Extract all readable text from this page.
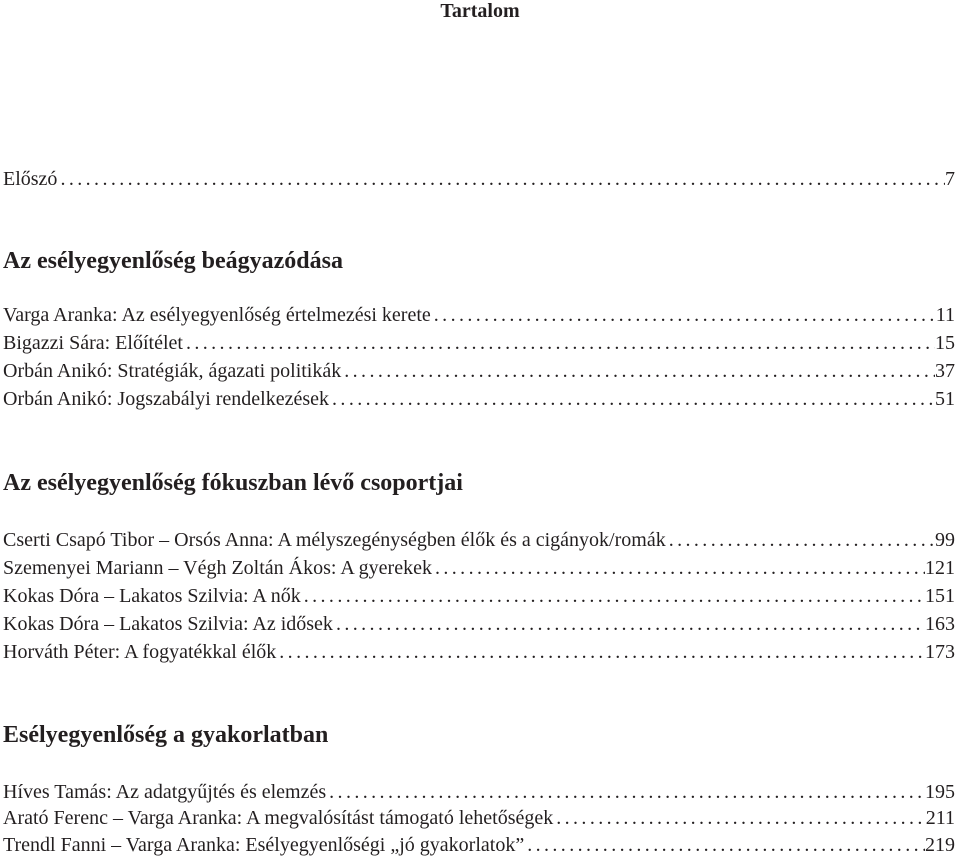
Tartalom
Előszó . . .	7
Az esélyegyenlőség beágyazódása
Varga Aranka: Az esélyegyenlőség értelmezési kerete . . .	11
Bigazzi Sára: Előítélet . . .	15
Orbán Anikó: Stratégiák, ágazati politikák . . .	37
Orbán Anikó: Jogszabályi rendelkezések . . .	51
Az esélyegyenlőség fókuszban lévő csoportjai
Cserti Csapó Tibor – Orsós Anna: A mélyszegénységben élők és a cigányok/romák . . .	99
Szemenyei Mariann – Végh Zoltán Ákos: A gyerekek . . .	121
Kokas Dóra – Lakatos Szilvia: A nők . . .	151
Kokas Dóra – Lakatos Szilvia: Az idősek . . .	163
Horváth Péter: A fogyatékkal élők . . .	173
Esélyegyenlőség a gyakorlatban
Híves Tamás: Az adatgyűjtés és elemzés . . .	195
Arató Ferenc – Varga Aranka: A megvalósítást támogató lehetőségek . . .	211
Trendl Fanni – Varga Aranka: Esélyegyenlőségi „jó gyakorlatok” . . .	219
